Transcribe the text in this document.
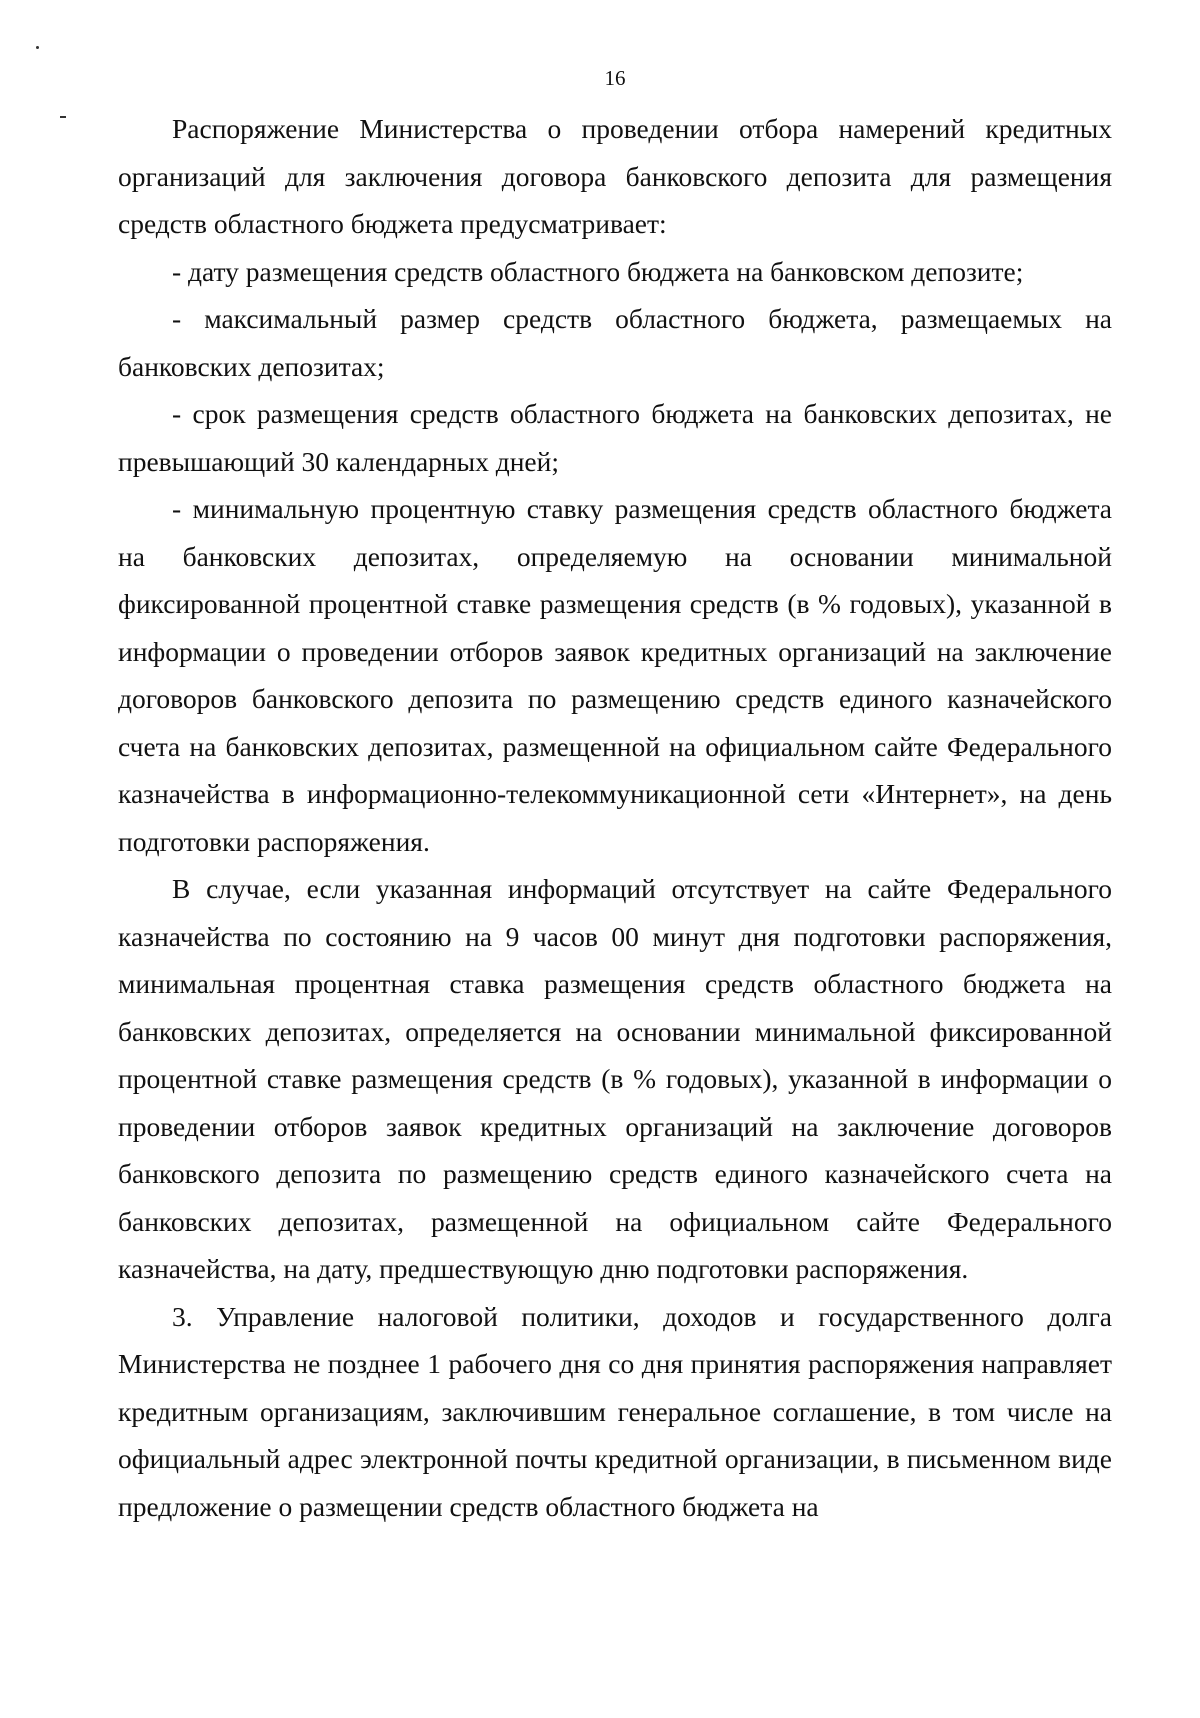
16

Распоряжение Министерства о проведении отбора намерений кредитных организаций для заключения договора банковского депозита для размещения средств областного бюджета предусматривает:

- дату размещения средств областного бюджета на банковском депозите;

- максимальный размер средств областного бюджета, размещаемых на банковских депозитах;

- срок размещения средств областного бюджета на банковских депозитах, не превышающий 30 календарных дней;

- минимальную процентную ставку размещения средств областного бюджета на банковских депозитах, определяемую на основании минимальной фиксированной процентной ставке размещения средств (в % годовых), указанной в информации о проведении отборов заявок кредитных организаций на заключение договоров банковского депозита по размещению средств единого казначейского счета на банковских депозитах, размещенной на официальном сайте Федерального казначейства в информационно-телекоммуникационной сети «Интернет», на день подготовки распоряжения.

В случае, если указанная информаций отсутствует на сайте Федерального казначейства по состоянию на 9 часов 00 минут дня подготовки распоряжения, минимальная процентная ставка размещения средств областного бюджета на банковских депозитах, определяется на основании минимальной фиксированной процентной ставке размещения средств (в % годовых), указанной в информации о проведении отборов заявок кредитных организаций на заключение договоров банковского депозита по размещению средств единого казначейского счета на банковских депозитах, размещенной на официальном сайте Федерального казначейства, на дату, предшествующую дню подготовки распоряжения.

3. Управление налоговой политики, доходов и государственного долга Министерства не позднее 1 рабочего дня со дня принятия распоряжения направляет кредитным организациям, заключившим генеральное соглашение, в том числе на официальный адрес электронной почты кредитной организации, в письменном виде предложение о размещении средств областного бюджета на
